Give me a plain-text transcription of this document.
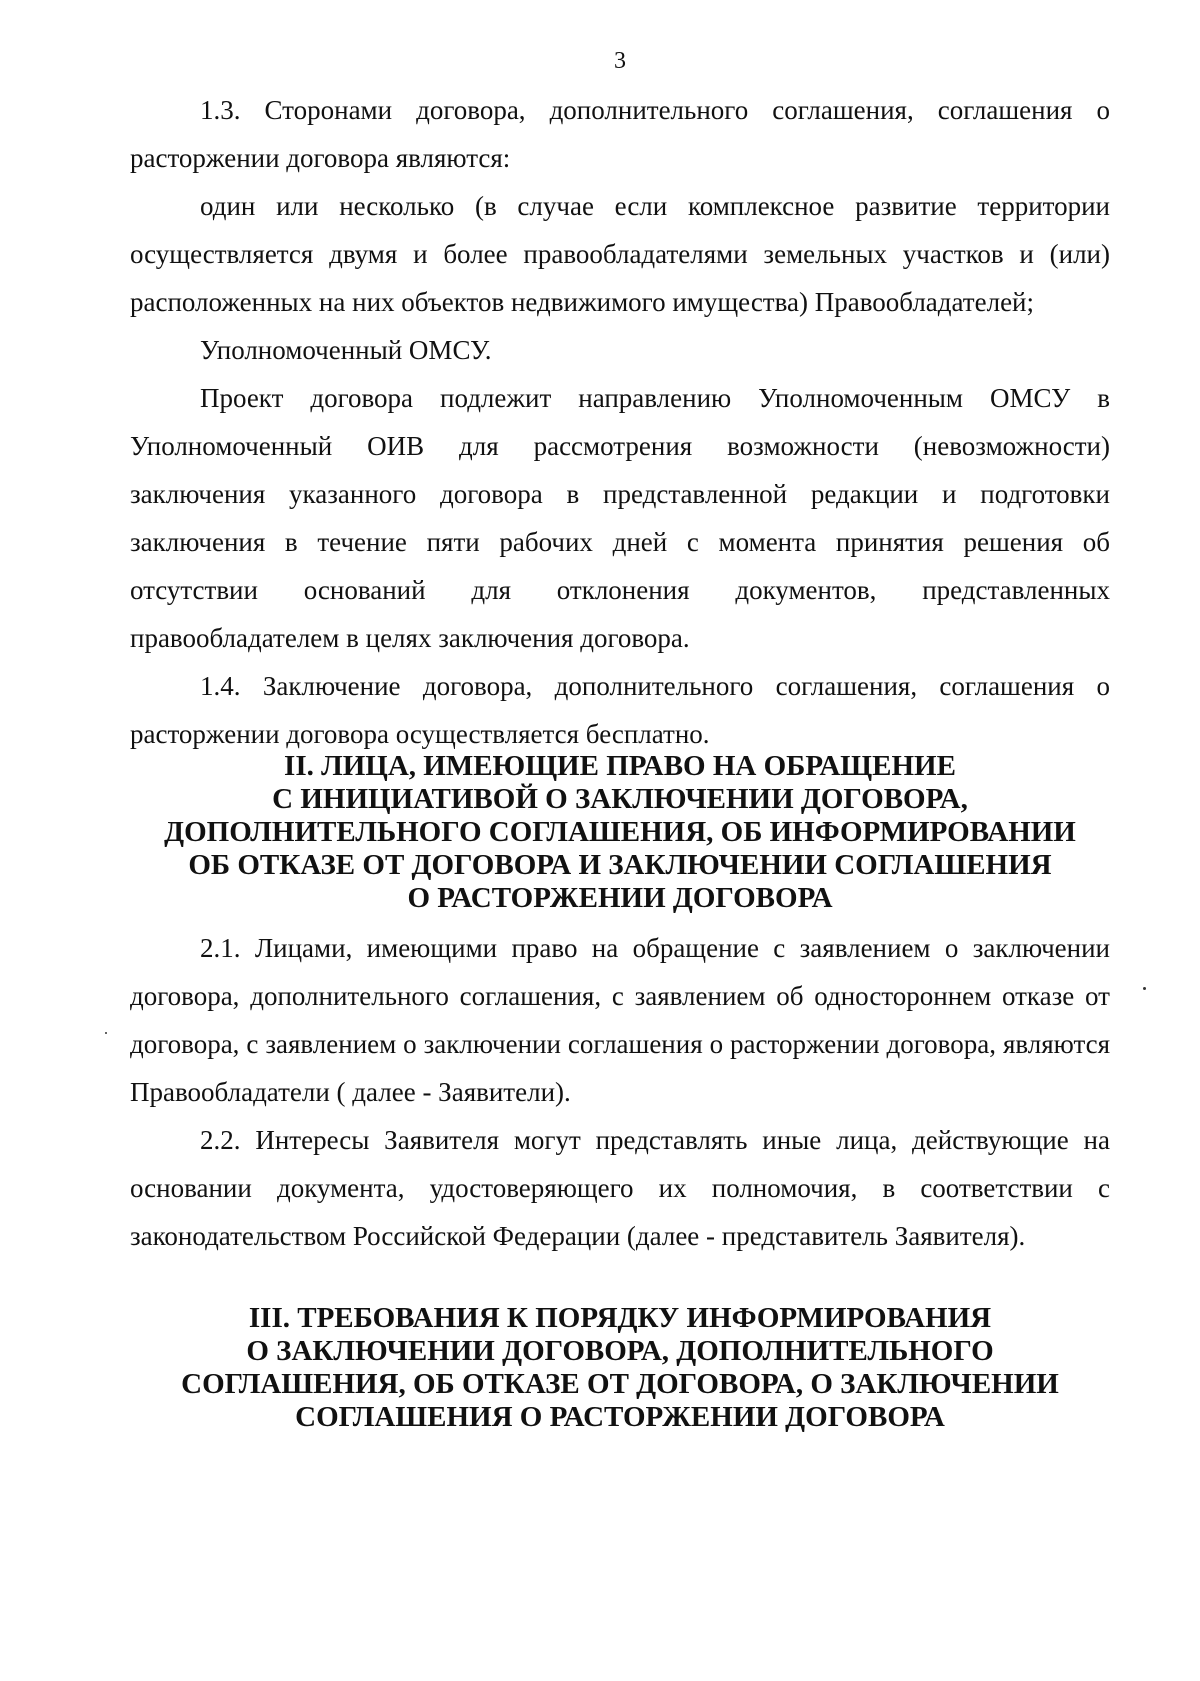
3

1.3. Сторонами договора, дополнительного соглашения, соглашения о расторжении договора являются:

один или несколько (в случае если комплексное развитие территории осуществляется двумя и более правообладателями земельных участков и (или) расположенных на них объектов недвижимого имущества) Правообладателей;

Уполномоченный ОМСУ.

Проект договора подлежит направлению Уполномоченным ОМСУ в Уполномоченный ОИВ для рассмотрения возможности (невозможности) заключения указанного договора в представленной редакции и подготовки заключения в течение пяти рабочих дней с момента принятия решения об отсутствии оснований для отклонения документов, представленных правообладателем в целях заключения договора.

1.4. Заключение договора, дополнительного соглашения, соглашения о расторжении договора осуществляется бесплатно.

II. ЛИЦА, ИМЕЮЩИЕ ПРАВО НА ОБРАЩЕНИЕ
С ИНИЦИАТИВОЙ О ЗАКЛЮЧЕНИИ ДОГОВОРА,
ДОПОЛНИТЕЛЬНОГО СОГЛАШЕНИЯ, ОБ ИНФОРМИРОВАНИИ
ОБ ОТКАЗЕ ОТ ДОГОВОРА И ЗАКЛЮЧЕНИИ СОГЛАШЕНИЯ
О РАСТОРЖЕНИИ ДОГОВОРА

2.1. Лицами, имеющими право на обращение с заявлением о заключении договора, дополнительного соглашения, с заявлением об одностороннем отказе от договора, с заявлением о заключении соглашения о расторжении договора, являются Правообладатели ( далее - Заявители).

2.2. Интересы Заявителя могут представлять иные лица, действующие на основании документа, удостоверяющего их полномочия, в соответствии с законодательством Российской Федерации (далее - представитель Заявителя).

III. ТРЕБОВАНИЯ К ПОРЯДКУ ИНФОРМИРОВАНИЯ
О ЗАКЛЮЧЕНИИ ДОГОВОРА, ДОПОЛНИТЕЛЬНОГО
СОГЛАШЕНИЯ, ОБ ОТКАЗЕ ОТ ДОГОВОРА, О ЗАКЛЮЧЕНИИ
СОГЛАШЕНИЯ О РАСТОРЖЕНИИ ДОГОВОРА
